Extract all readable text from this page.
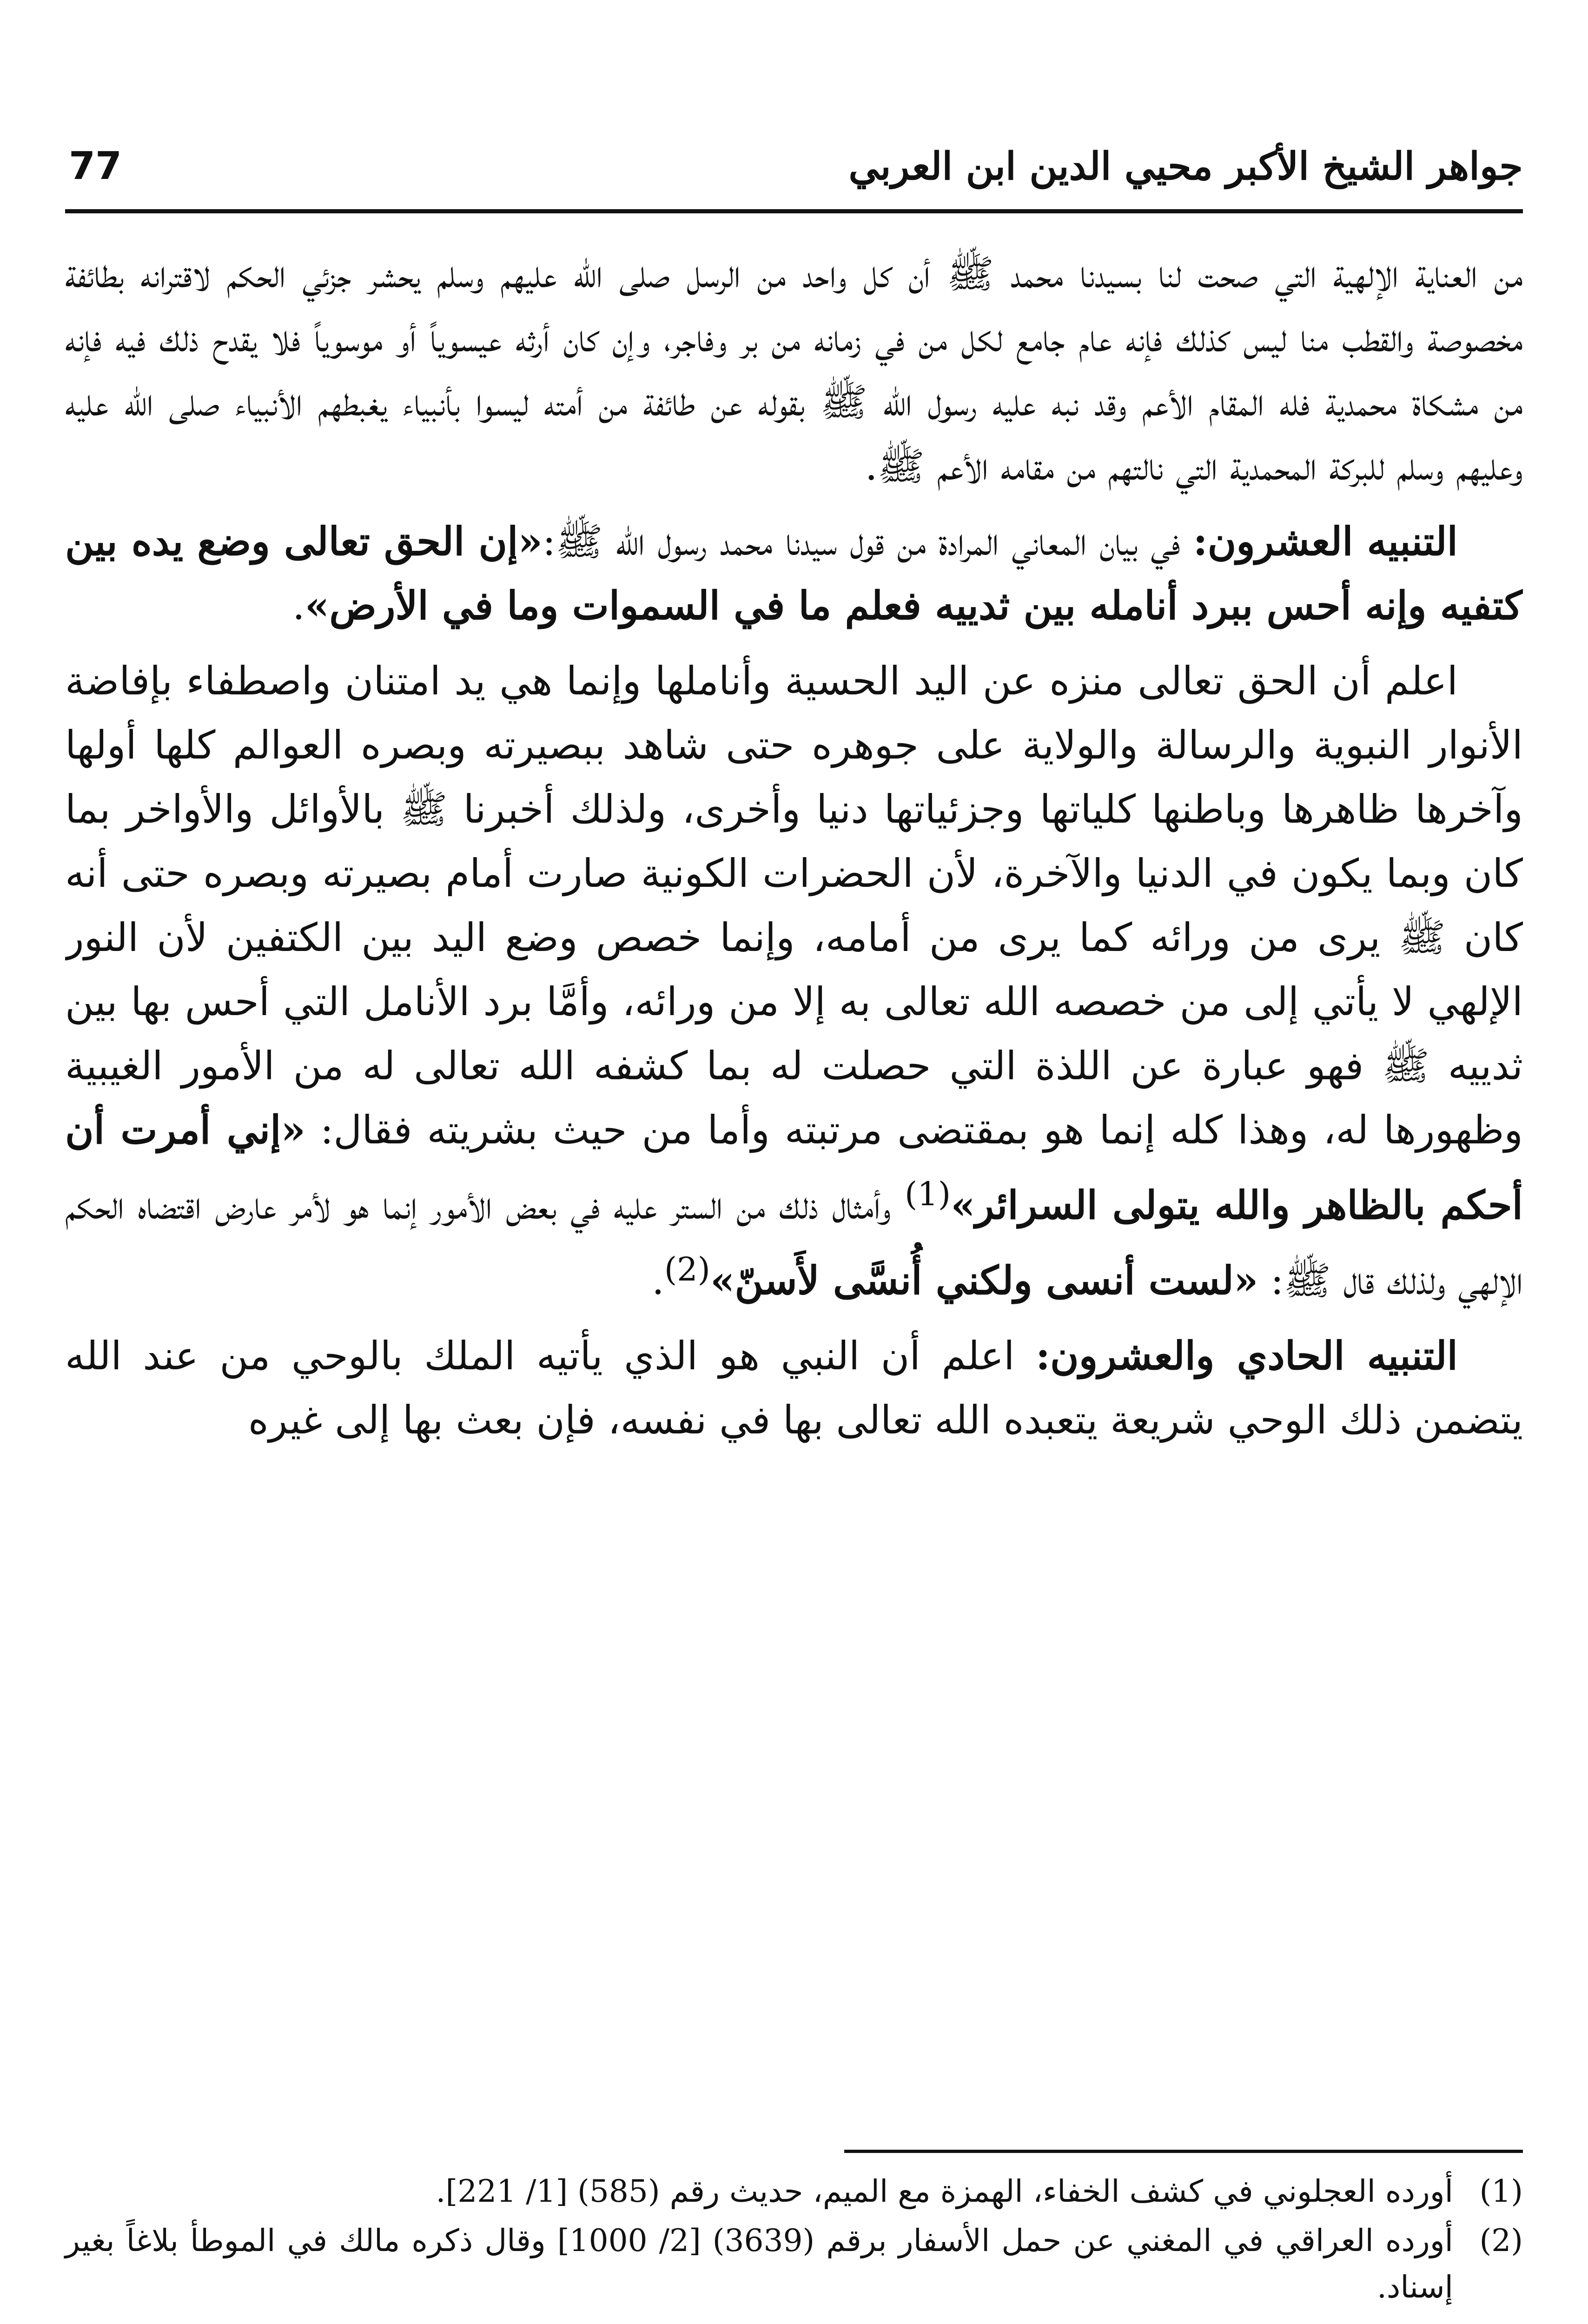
جواهر الشيخ الأكبر محيي الدين ابن العربي
77

من العناية الإلهية التي صحت لنا بسيدنا محمد ﷺ أن كل واحد من الرسل صلى الله عليهم وسلم يحشر جزئي الحكم لاقترانه بطائفة مخصوصة والقطب منا ليس كذلك فإنه عام جامع لكل من في زمانه من بر وفاجر، وإن كان أرثه عيسوياً أو موسوياً فلا يقدح ذلك فيه فإنه من مشكاة محمدية فله المقام الأعم وقد نبه عليه رسول الله ﷺ بقوله عن طائفة من أمته ليسوا بأنبياء يغبطهم الأنبياء صلى الله عليه وعليهم وسلم للبركة المحمدية التي نالتهم من مقامه الأعم ﷺ.

التنبيه العشرون: في بيان المعاني المرادة من قول سيدنا محمد رسول الله ﷺ:«إن الحق تعالى وضع يده بين كتفيه وإنه أحس ببرد أنامله بين ثدييه فعلم ما في السموات وما في الأرض».

اعلم أن الحق تعالى منزه عن اليد الحسية وأناملها وإنما هي يد امتنان واصطفاء بإفاضة الأنوار النبوية والرسالة والولاية على جوهره حتى شاهد ببصيرته وبصره العوالم كلها أولها وآخرها ظاهرها وباطنها كلياتها وجزئياتها دنيا وأخرى، ولذلك أخبرنا ﷺ بالأوائل والأواخر بما كان وبما يكون في الدنيا والآخرة، لأن الحضرات الكونية صارت أمام بصيرته وبصره حتى أنه كان ﷺ يرى من ورائه كما يرى من أمامه، وإنما خصص وضع اليد بين الكتفين لأن النور الإلهي لا يأتي إلى من خصصه الله تعالى به إلا من ورائه، وأمَّا برد الأنامل التي أحس بها بين ثدييه ﷺ فهو عبارة عن اللذة التي حصلت له بما كشفه الله تعالى له من الأمور الغيبية وظهورها له، وهذا كله إنما هو بمقتضى مرتبته وأما من حيث بشريته فقال: «إني أمرت أن أحكم بالظاهر والله يتولى السرائر»$^{(1)}$ وأمثال ذلك من الستر عليه في بعض الأمور إنما هو لأمر عارض اقتضاه الحكم الإلهي ولذلك قال ﷺ: «لست أنسى ولكني أُنسَّى لأَسنّ»$^{(2)}$.

التنبيه الحادي والعشرون: اعلم أن النبي هو الذي يأتيه الملك بالوحي من عند الله يتضمن ذلك الوحي شريعة يتعبده الله تعالى بها في نفسه، فإن بعث بها إلى غيره

(1)
أورده العجلوني في كشف الخفاء، الهمزة مع الميم، حديث رقم (585) [1/ 221].
(2)
أورده العراقي في المغني عن حمل الأسفار برقم (3639) [2/ 1000] وقال ذكره مالك في الموطأ بلاغاً بغير إسناد.
